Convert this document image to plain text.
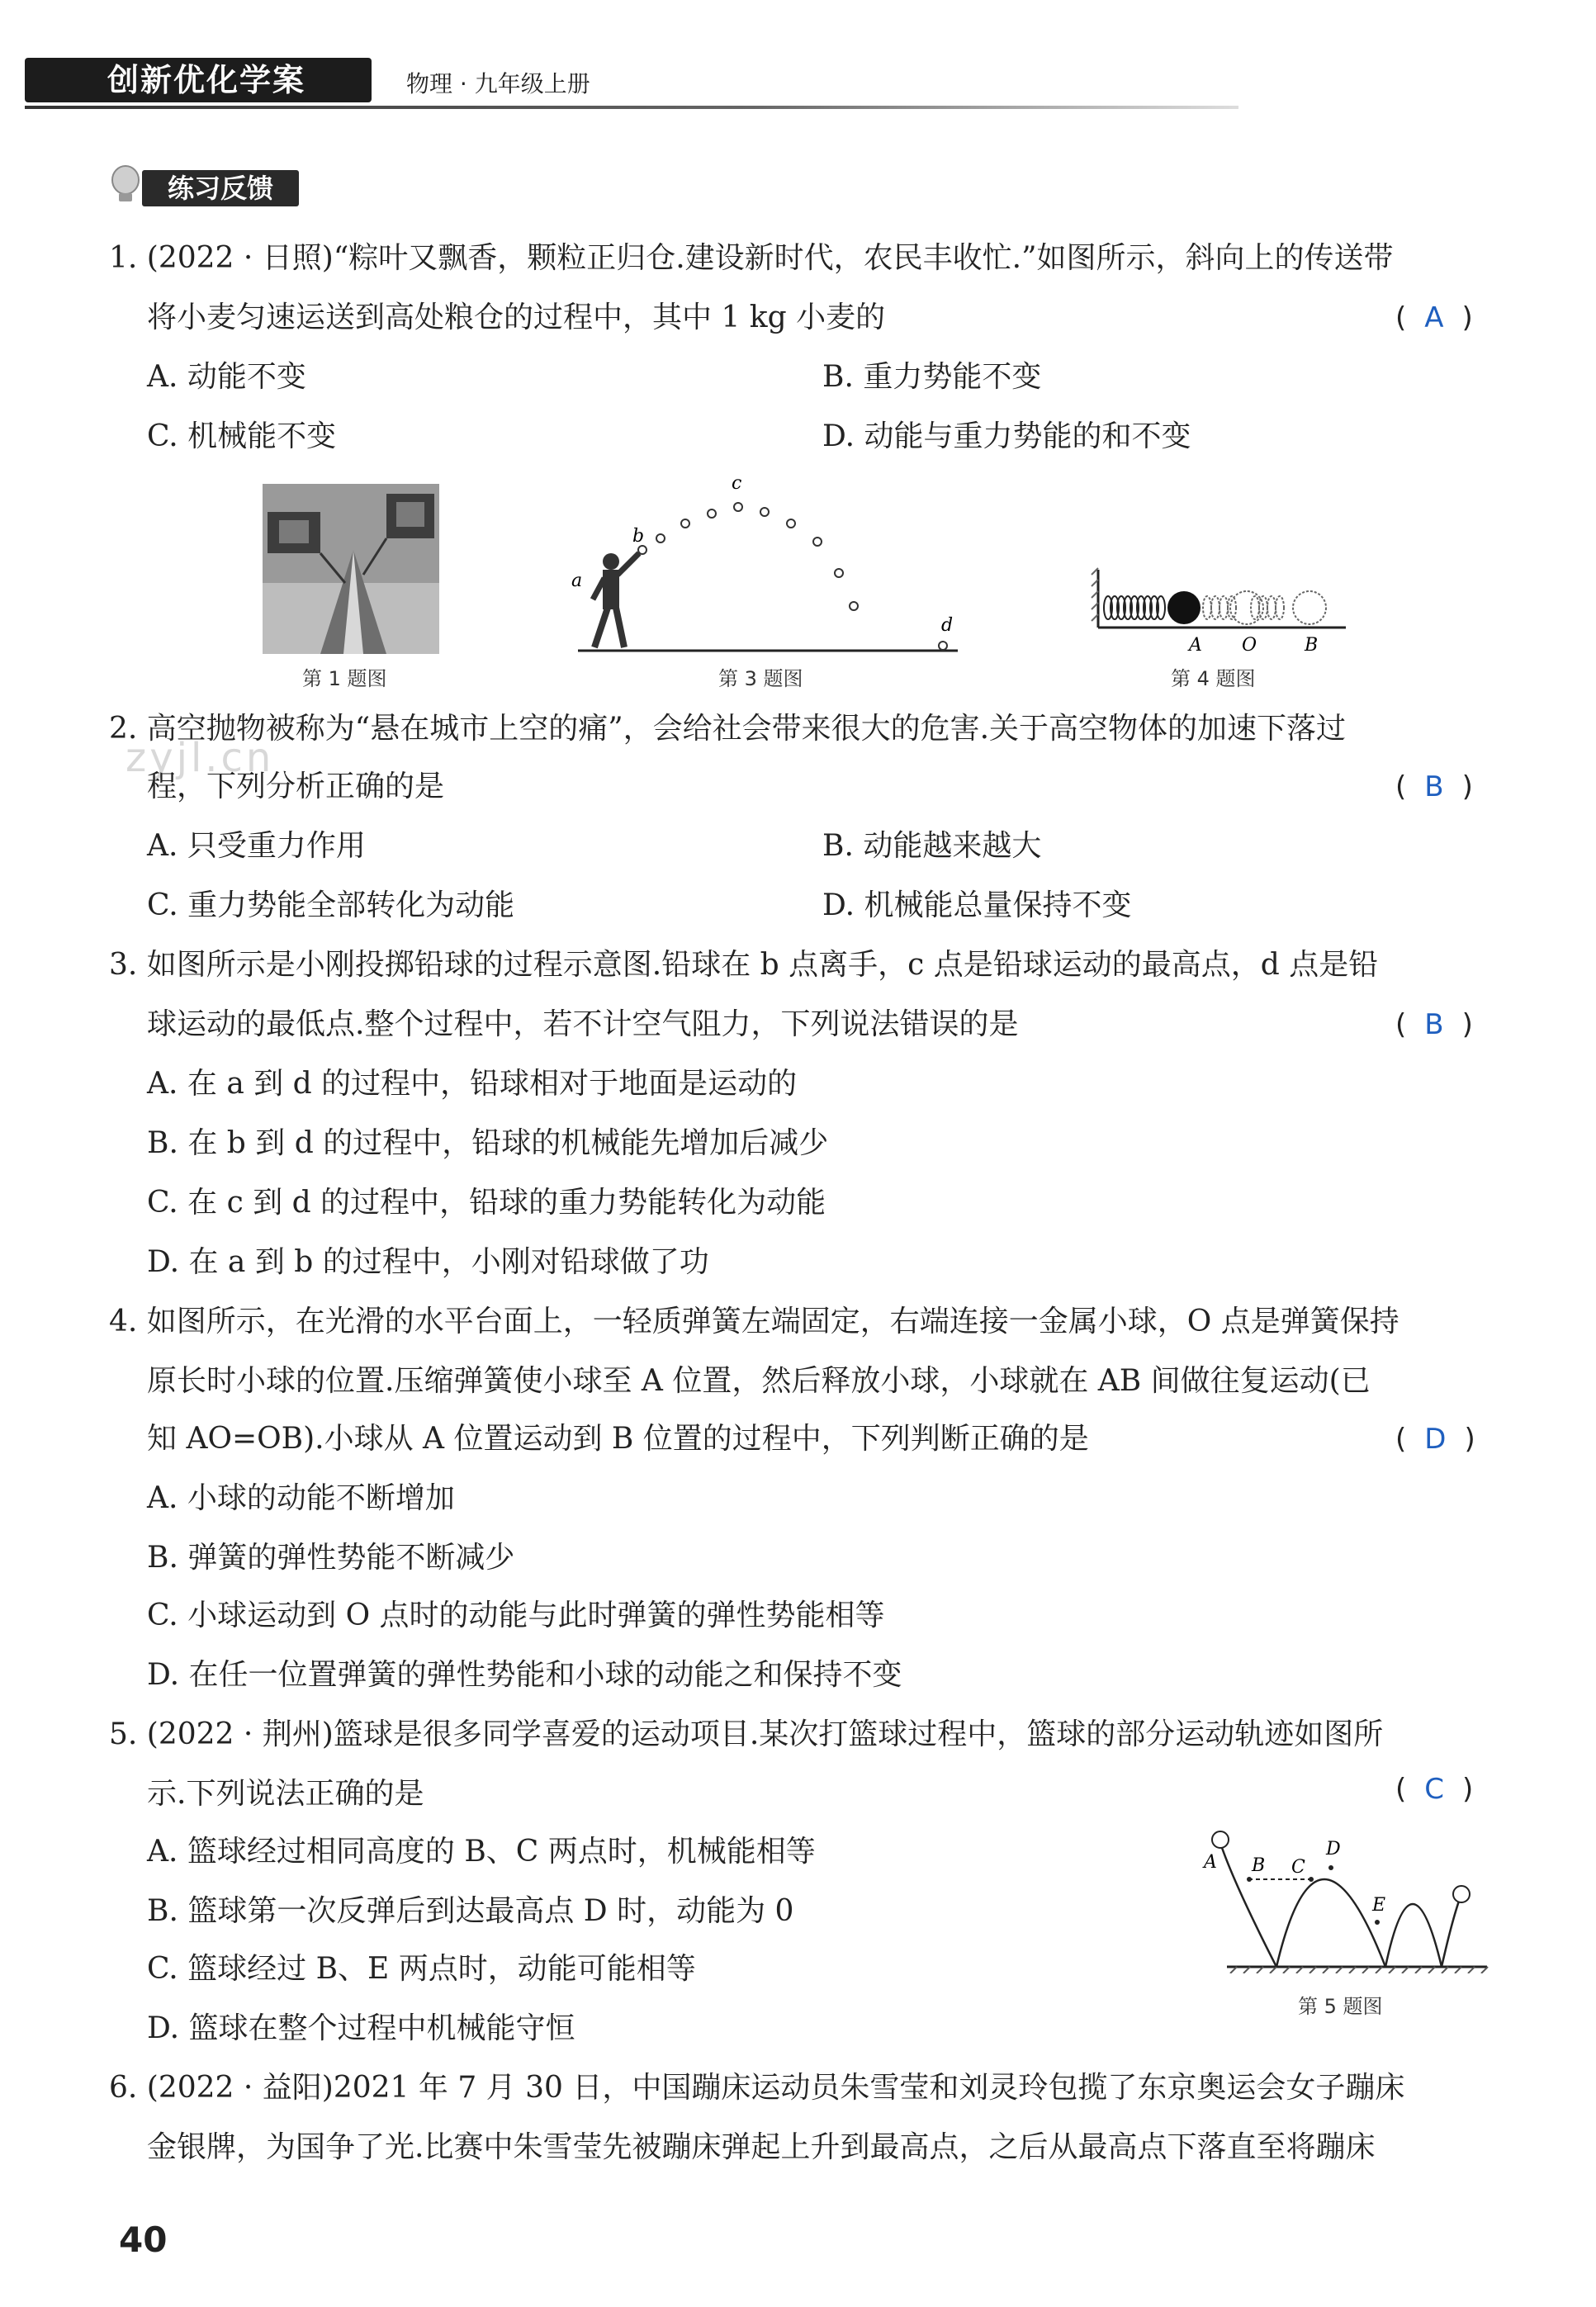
创新优化学案	物理 · 九年级上册
练习反馈
1. (2022 · 日照)“粽叶又飘香，颗粒正归仓.建设新时代，农民丰收忙.”如图所示，斜向上的传送带
将小麦匀速运送到高处粮仓的过程中，其中 1 kg 小麦的	( A )
A. 动能不变	B. 重力势能不变
C. 机械能不变	D. 动能与重力势能的和不变
第 1 题图
a
b
c
d
第 3 题图
A O	B
第 4 题图
zyjl.cn
2. 高空抛物被称为“悬在城市上空的痛”，会给社会带来很大的危害.关于高空物体的加速下落过
程，下列分析正确的是	( B )
A. 只受重力作用	B. 动能越来越大
C. 重力势能全部转化为动能	D. 机械能总量保持不变
3. 如图所示是小刚投掷铅球的过程示意图.铅球在 b 点离手，c 点是铅球运动的最高点，d 点是铅
球运动的最低点.整个过程中，若不计空气阻力，下列说法错误的是	( B )
A. 在 a 到 d 的过程中，铅球相对于地面是运动的
B. 在 b 到 d 的过程中，铅球的机械能先增加后减少
C. 在 c 到 d 的过程中，铅球的重力势能转化为动能
D. 在 a 到 b 的过程中，小刚对铅球做了功
4. 如图所示，在光滑的水平台面上，一轻质弹簧左端固定，右端连接一金属小球，O 点是弹簧保持
原长时小球的位置.压缩弹簧使小球至 A 位置，然后释放小球，小球就在 AB 间做往复运动(已
知 AO=OB).小球从 A 位置运动到 B 位置的过程中，下列判断正确的是	( D )
A. 小球的动能不断增加
B. 弹簧的弹性势能不断减少
C. 小球运动到 O 点时的动能与此时弹簧的弹性势能相等
D. 在任一位置弹簧的弹性势能和小球的动能之和保持不变
5. (2022 · 荆州)篮球是很多同学喜爱的运动项目.某次打篮球过程中，篮球的部分运动轨迹如图所
示.下列说法正确的是	( C )
A. 篮球经过相同高度的 B、C 两点时，机械能相等
B. 篮球第一次反弹后到达最高点 D 时，动能为 0
C. 篮球经过 B、E 两点时，动能可能相等
D. 篮球在整个过程中机械能守恒
A B C
D
E
第 5 题图
6. (2022 · 益阳)2021 年 7 月 30 日，中国蹦床运动员朱雪莹和刘灵玲包揽了东京奥运会女子蹦床
金银牌，为国争了光.比赛中朱雪莹先被蹦床弹起上升到最高点，之后从最高点下落直至将蹦床
40
